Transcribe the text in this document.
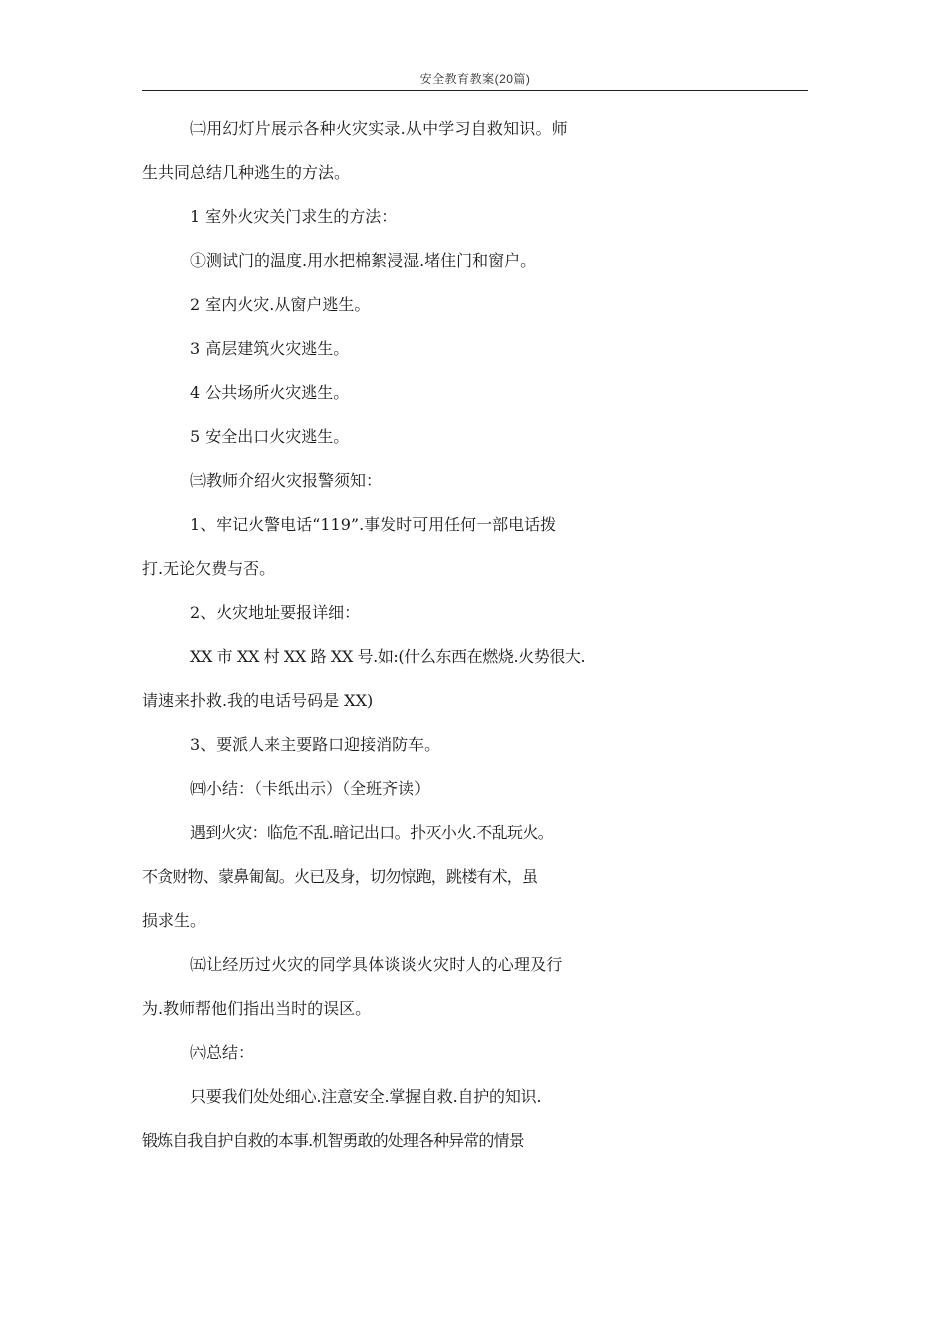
安全教育教案(20篇)
㈡用幻灯片展示各种火灾实录.从中学习自救知识。师
生共同总结几种逃生的方法。
1 室外火灾关门求生的方法：
①测试门的温度.用水把棉絮浸湿.堵住门和窗户。
2 室内火灾.从窗户逃生。
3 高层建筑火灾逃生。
4 公共场所火灾逃生。
5 安全出口火灾逃生。
㈢教师介绍火灾报警须知：
1、牢记火警电话“119”.事发时可用任何一部电话拨
打.无论欠费与否。
2、火灾地址要报详细：
XX 市 XX 村 XX 路 XX 号.如:(什么东西在燃烧.火势很大.
请速来扑救.我的电话号码是 XX)
3、要派人来主要路口迎接消防车。
㈣小结：（卡纸出示）（全班齐读）
遇到火灾：临危不乱.暗记出口。扑灭小火.不乱玩火。
不贪财物、蒙鼻匍匐。火已及身，切勿惊跑，跳楼有术，虽
损求生。
㈤让经历过火灾的同学具体谈谈火灾时人的心理及行
为.教师帮他们指出当时的误区。
㈥总结：
只要我们处处细心.注意安全.掌握自救.自护的知识.
锻炼自我自护自救的本事.机智勇敢的处理各种异常的情景
